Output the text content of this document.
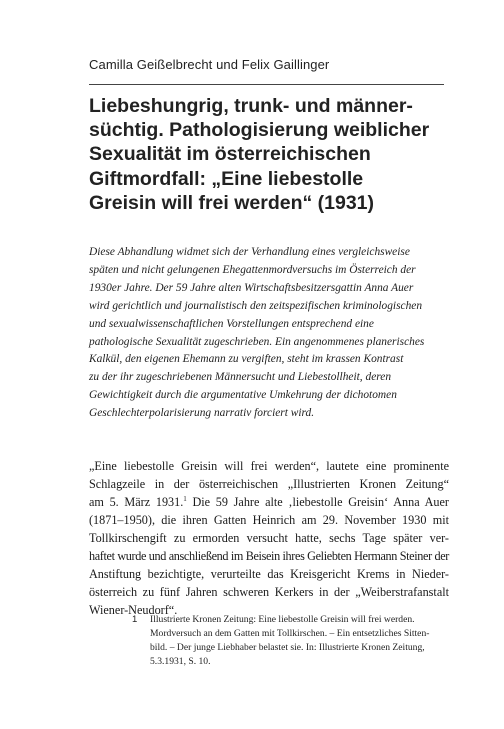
Camilla Geißelbrecht und Felix Gaillinger
Liebeshungrig, trunk- und männer-
süchtig. Pathologisierung weiblicher
Sexualität im österreichischen
Giftmordfall: „Eine liebestolle
Greisin will frei werden“ (1931)
Diese Abhandlung widmet sich der Verhandlung eines vergleichsweise
späten und nicht gelungenen Ehegattenmordversuchs im Österreich der
1930er Jahre. Der 59 Jahre alten Wirtschaftsbesitzersgattin Anna Auer
wird gerichtlich und journalistisch den zeitspezifischen kriminologischen
und sexualwissenschaftlichen Vorstellungen entsprechend eine
pathologische Sexualität zugeschrieben. Ein angenommenes planerisches
Kalkül, den eigenen Ehemann zu vergiften, steht im krassen Kontrast
zu der ihr zugeschriebenen Männersucht und Liebestollheit, deren
Gewichtigkeit durch die argumentative Umkehrung der dichotomen
Geschlechterpolarisierung narrativ forciert wird.
„Eine liebestolle Greisin will frei werden“, lautete eine prominente
Schlagzeile in der österreichischen „Illustrierten Kronen Zeitung“
am 5. März 1931.$^1$ Die 59 Jahre alte ‚liebestolle Greisin‘ Anna Auer
(1871–1950), die ihren Gatten Heinrich am 29. November 1930 mit
Tollkirschengift zu ermorden versucht hatte, sechs Tage später ver-
haftet wurde und anschließend im Beisein ihres Geliebten Hermann Steiner der
Anstiftung bezichtigte, verurteilte das Kreisgericht Krems in Nieder-
österreich zu fünf Jahren schweren Kerkers in der „Weiberstrafanstalt
Wiener-Neudorf“.
1 Illustrierte Kronen Zeitung: Eine liebestolle Greisin will frei werden.
Mordversuch an dem Gatten mit Tollkirschen. – Ein entsetzliches Sitten-
bild. – Der junge Liebhaber belastet sie. In: Illustrierte Kronen Zeitung,
5.3.1931, S. 10.
